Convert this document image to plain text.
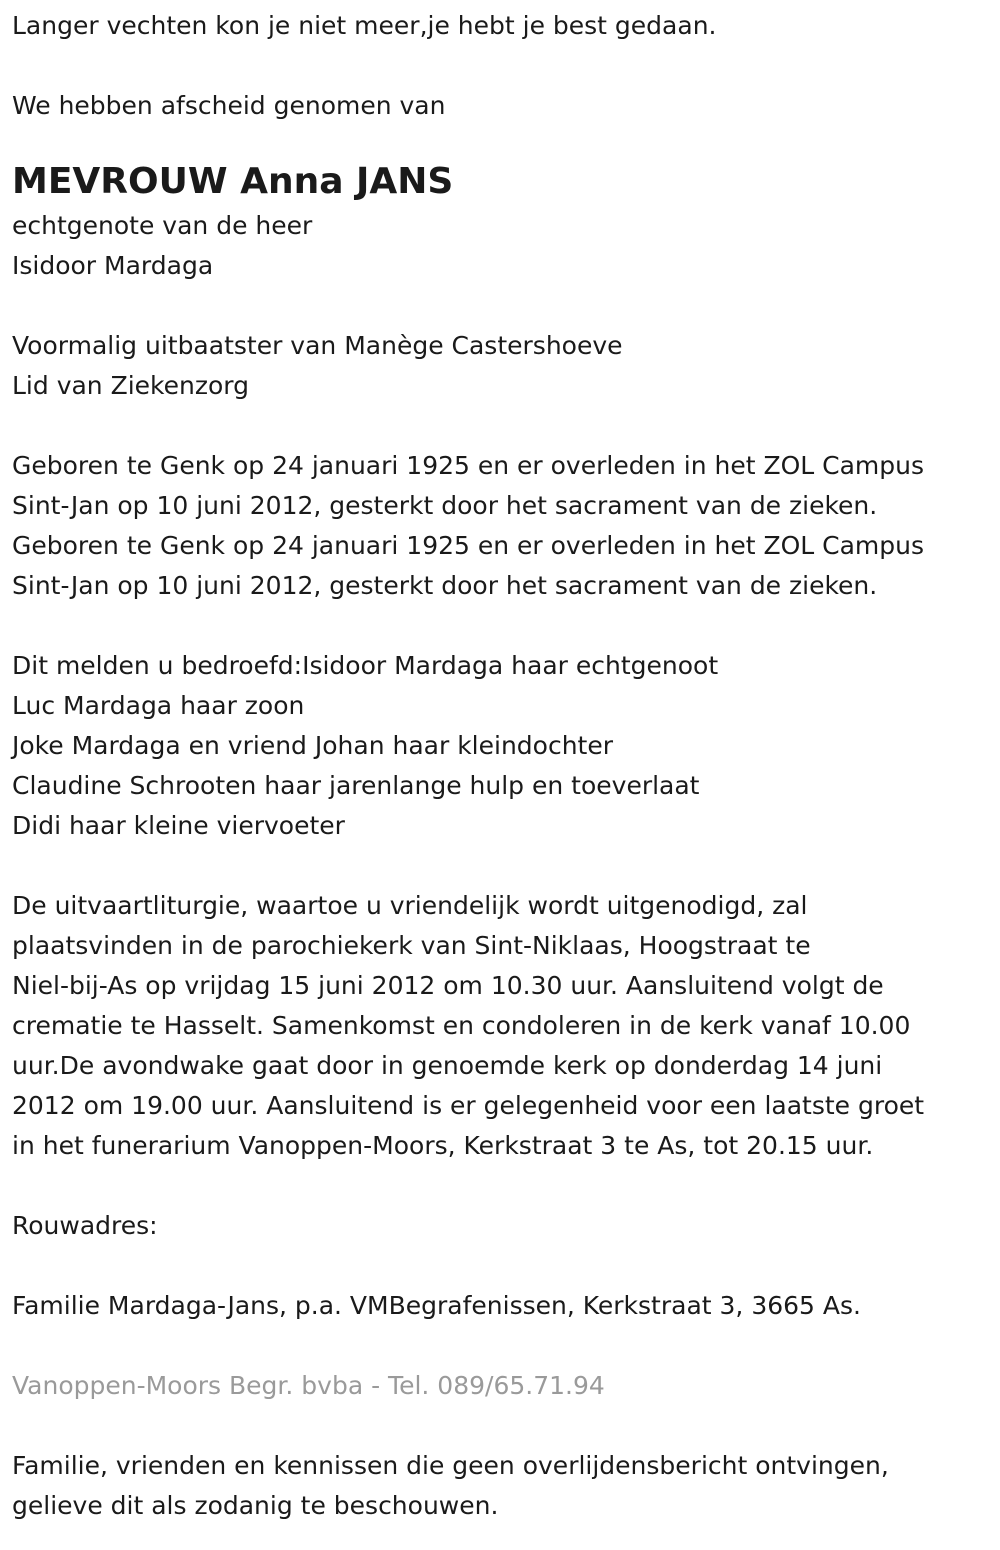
Langer vechten kon je niet meer,je hebt je best gedaan.

We hebben afscheid genomen van

MEVROUW Anna JANS

echtgenote van de heer

Isidoor Mardaga

Voormalig uitbaatster van Manège Castershoeve

Lid van Ziekenzorg

Geboren te Genk op 24 januari 1925 en er overleden in het ZOL Campus

Sint-Jan op 10 juni 2012, gesterkt door het sacrament van de zieken.

Geboren te Genk op 24 januari 1925 en er overleden in het ZOL Campus

Sint-Jan op 10 juni 2012, gesterkt door het sacrament van de zieken.

Dit melden u bedroefd:Isidoor Mardaga haar echtgenoot

Luc Mardaga haar zoon

Joke Mardaga en vriend Johan haar kleindochter

Claudine Schrooten haar jarenlange hulp en toeverlaat

Didi haar kleine viervoeter

De uitvaartliturgie, waartoe u vriendelijk wordt uitgenodigd, zal

plaatsvinden in de parochiekerk van Sint-Niklaas, Hoogstraat te

Niel-bij-As op vrijdag 15 juni 2012 om 10.30 uur. Aansluitend volgt de

crematie te Hasselt. Samenkomst en condoleren in de kerk vanaf 10.00

uur.De avondwake gaat door in genoemde kerk op donderdag 14 juni

2012 om 19.00 uur. Aansluitend is er gelegenheid voor een laatste groet

in het funerarium Vanoppen-Moors, Kerkstraat 3 te As, tot 20.15 uur.

Rouwadres:

Familie Mardaga-Jans, p.a. VMBegrafenissen, Kerkstraat 3, 3665 As.

Vanoppen-Moors Begr. bvba - Tel. 089/65.71.94

Familie, vrienden en kennissen die geen overlijdensbericht ontvingen,

gelieve dit als zodanig te beschouwen.
